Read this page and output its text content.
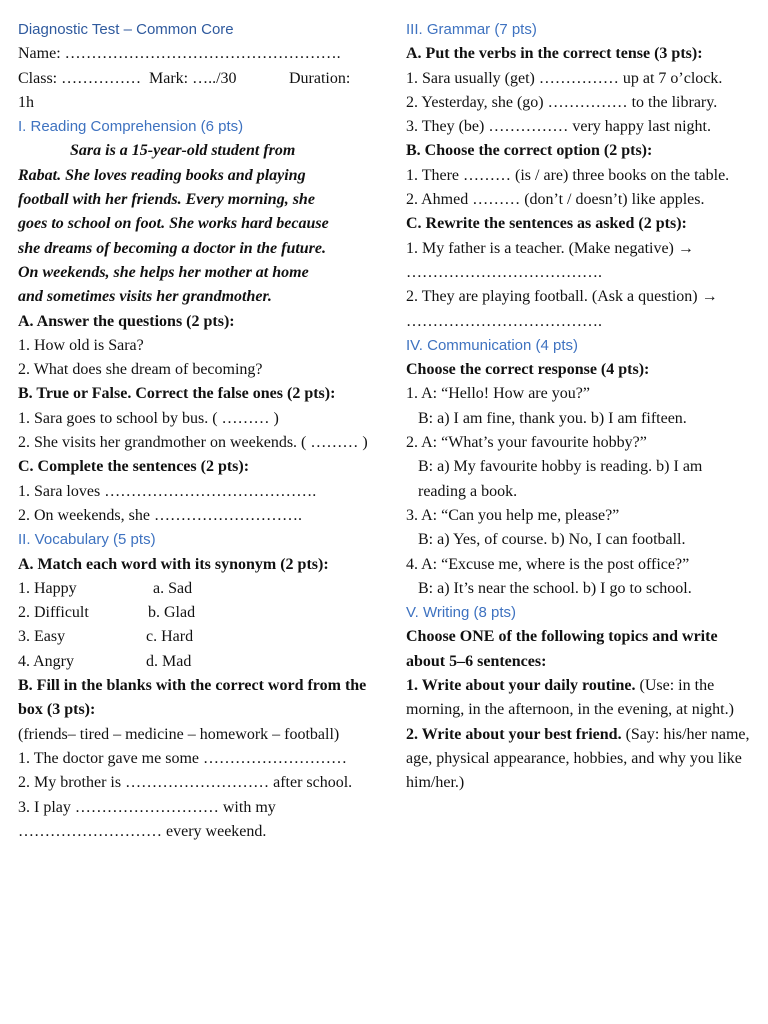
Diagnostic Test – Common Core
Name: …………………………………………….
Class: …………… Mark: …../30	Duration:
1h
I. Reading Comprehension (6 pts)
Sara is a 15-year-old student from
Rabat. She loves reading books and playing
football with her friends. Every morning, she
goes to school on foot. She works hard because
she dreams of becoming a doctor in the future.
On weekends, she helps her mother at home
and sometimes visits her grandmother.
A. Answer the questions (2 pts):
1. How old is Sara?
2. What does she dream of becoming?
B. True or False. Correct the false ones (2 pts):
1. Sara goes to school by bus. ( ……… )
2. She visits her grandmother on weekends. ( ……… )
C. Complete the sentences (2 pts):
1. Sara loves ………………………………….
2. On weekends, she ……………………….
II. Vocabulary (5 pts)
A. Match each word with its synonym (2 pts):
1. Happy	a. Sad
2. Difficult	b. Glad
3. Easy	c. Hard
4. Angry	d. Mad
B. Fill in the blanks with the correct word from the box (3 pts):
(friends– tired – medicine – homework – football)
1. The doctor gave me some ………………………
2. My brother is ……………………… after school.
3. I play ……………………… with my ……………………… every weekend.
III. Grammar (7 pts)
A. Put the verbs in the correct tense (3 pts):
1. Sara usually (get) …………… up at 7 o’clock.
2. Yesterday, she (go) …………… to the library.
3. They (be) …………… very happy last night.
B. Choose the correct option (2 pts):
1. There ……… (is / are) three books on the table.
2. Ahmed ……… (don’t / doesn’t) like apples.
C. Rewrite the sentences as asked (2 pts):
1. My father is a teacher. (Make negative) → ……………………………….
2. They are playing football. (Ask a question) → ……………………………….
IV. Communication (4 pts)
Choose the correct response (4 pts):
1. A: “Hello! How are you?”
B: a) I am fine, thank you. b) I am fifteen.
2. A: “What’s your favourite hobby?”
B: a) My favourite hobby is reading. b) I am reading a book.
3. A: “Can you help me, please?”
B: a) Yes, of course. b) No, I can football.
4. A: “Excuse me, where is the post office?”
B: a) It’s near the school. b) I go to school.
V. Writing (8 pts)
Choose ONE of the following topics and write about 5–6 sentences:
1. Write about your daily routine. (Use: in the morning, in the afternoon, in the evening, at night.)
2. Write about your best friend. (Say: his/her name, age, physical appearance, hobbies, and why you like him/her.)
